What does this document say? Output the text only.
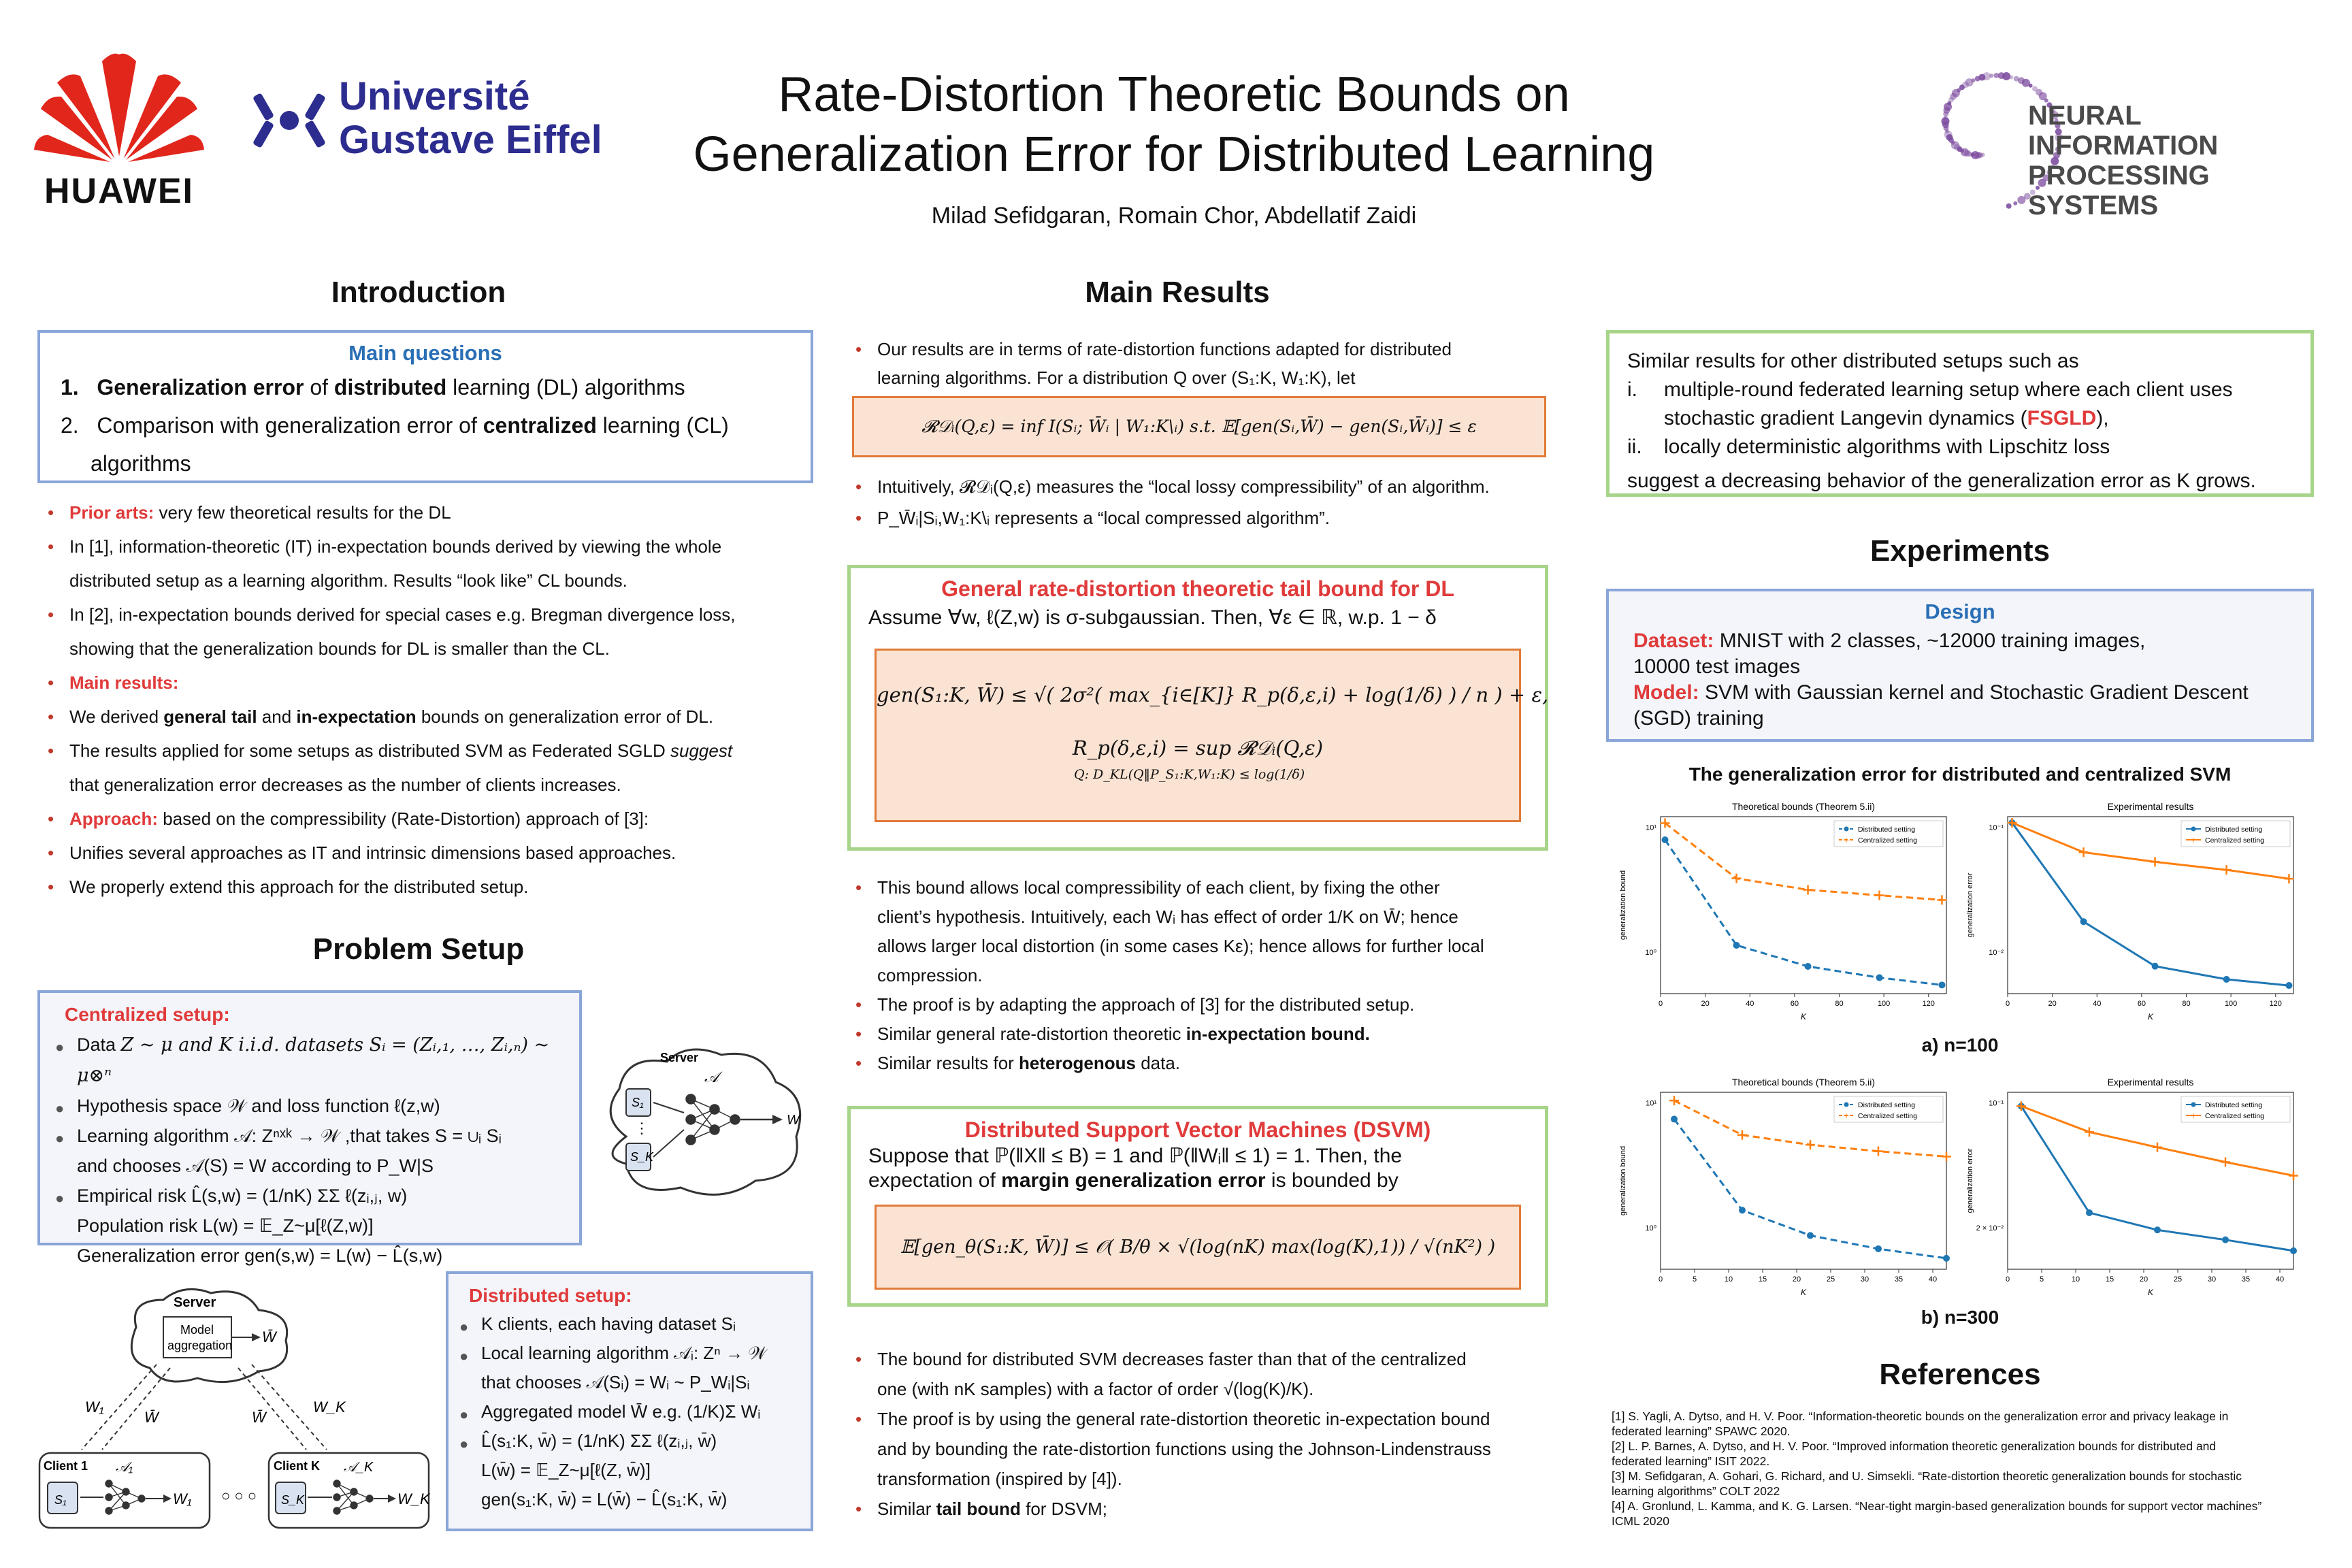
HUAWEI
Université
Gustave Eiffel
Rate-Distortion Theoretic Bounds on
Generalization Error for Distributed Learning
Milad Sefidgaran, Romain Chor, Abdellatif Zaidi
NEURAL INFORMATION
PROCESSING SYSTEMS
Introduction
Main questions
1. Generalization error of distributed learning (DL) algorithms
2. Comparison with generalization error of centralized learning (CL)
algorithms
• Prior arts: very few theoretical results for the DL
• In [1], information-theoretic (IT) in-expectation bounds derived by viewing the whole
distributed setup as a learning algorithm. Results “look like” CL bounds.
• In [2], in-expectation bounds derived for special cases e.g. Bregman divergence loss,
showing that the generalization bounds for DL is smaller than the CL.
• Main results:
• We derived general tail and in-expectation bounds on generalization error of DL.
• The results applied for some setups as distributed SVM as Federated SGLD suggest
that generalization error decreases as the number of clients increases.
• Approach: based on the compressibility (Rate-Distortion) approach of [3]:
• Unifies several approaches as IT and intrinsic dimensions based approaches.
• We properly extend this approach for the distributed setup.
Problem Setup
Centralized setup:
● Data Z ~ μ and K i.i.d. datasets Sᵢ = (Zᵢ,₁, …, Zᵢ,ₙ) ~ μ⊗ⁿ
● Hypothesis space 𝒲 and loss function ℓ(z,w)
● Learning algorithm 𝒜: Zⁿˣᵏ → 𝒲 ,that takes S = ∪ᵢ Sᵢ
and chooses 𝒜(S) = W according to P_W|S
● Empirical risk L̂(s,w) = (1/nK) ΣΣ ℓ(zᵢ,ⱼ, w)
Population risk L(w) = 𝔼_Z~μ[ℓ(Z,w)]
Generalization error gen(s,w) = L(w) − L̂(s,w)
Server
S₁
S_K
𝒜
W
⋮
Server
Model
aggregation W̄
W₁
W̄	W̄
W_K
Client 1
S₁
𝒜₁
W₁ ○ ○ ○
Client K
S_K
𝒜_K
W_K
Distributed setup:
● K clients, each having dataset Sᵢ
● Local learning algorithm 𝒜ᵢ: Zⁿ → 𝒲
that chooses 𝒜(Sᵢ) = Wᵢ ~ P_Wᵢ|Sᵢ
● Aggregated model W̄ e.g. (1/K)Σ Wᵢ
● L̂(s₁:K, w̄) = (1/nK) ΣΣ ℓ(zᵢ,ⱼ, w̄)
L(w̄) = 𝔼_Z~μ[ℓ(Z, w̄)]
gen(s₁:K, w̄) = L(w̄) − L̂(s₁:K, w̄)
Main Results
• Our results are in terms of rate-distortion functions adapted for distributed
learning algorithms. For a distribution Q over (S₁:K, W₁:K), let
𝓡𝒟ᵢ(Q,ε) = inf I(Sᵢ; W̄ᵢ | W₁:K\ᵢ) s.t. 𝔼[gen(Sᵢ,W̄) − gen(Sᵢ,W̄ᵢ)] ≤ ε
• Intuitively, 𝓡𝒟ᵢ(Q,ε) measures the “local lossy compressibility” of an algorithm.
• P_W̄ᵢ|Sᵢ,W₁:K\ᵢ represents a “local compressed algorithm”.
General rate-distortion theoretic tail bound for DL
Assume ∀w, ℓ(Z,w) is σ-subgaussian. Then, ∀ε ∈ ℝ, w.p. 1 − δ
gen(S₁:K, W̄) ≤ √( 2σ²( max_{i∈[K]} R_p(δ,ε,i) + log(1/δ) ) / n ) + ε,
R_p(δ,ε,i) = sup 𝓡𝒟ᵢ(Q,ε)
Q: D_KL(Q‖P_S₁:K,W₁:K) ≤ log(1/δ)
• This bound allows local compressibility of each client, by fixing the other
client’s hypothesis. Intuitively, each Wᵢ has effect of order 1/K on W̄; hence
allows larger local distortion (in some cases Kε); hence allows for further local
compression.
• The proof is by adapting the approach of [3] for the distributed setup.
• Similar general rate-distortion theoretic in-expectation bound.
• Similar results for heterogenous data.
Distributed Support Vector Machines (DSVM)
Suppose that ℙ(‖X‖ ≤ B) = 1 and ℙ(‖Wᵢ‖ ≤ 1) = 1. Then, the
expectation of margin generalization error is bounded by
𝔼[gen_θ(S₁:K, W̄)] ≤ 𝒪( B/θ × √(log(nK) max(log(K),1)) / √(nK²) )
• The bound for distributed SVM decreases faster than that of the centralized
one (with nK samples) with a factor of order √(log(K)/K).
• The proof is by using the general rate-distortion theoretic in-expectation bound
and by bounding the rate-distortion functions using the Johnson-Lindenstrauss
transformation (inspired by [4]).
• Similar tail bound for DSVM;
Similar results for other distributed setups such as
i.	multiple-round federated learning setup where each client uses
stochastic gradient Langevin dynamics (FSGLD),
ii.	locally deterministic algorithms with Lipschitz loss
suggest a decreasing behavior of the generalization error as K grows.
Experiments
Design
Dataset: MNIST with 2 classes, ~12000 training images,
10000 test images
Model: SVM with Gaussian kernel and Stochastic Gradient Descent
(SGD) training
The generalization error for distributed and centralized SVM
Theoretical bounds (Theorem 5.ii)
0	20	40	60	80	100	120
K
generalization bound
10¹
10⁰
Distributed setting
+ Centralized setting
Experimental results
0	20	40	60	80	100	120
K
generalization error
10⁻¹
10⁻²
Distributed setting
+ Centralized setting
a) n=100
Theoretical bounds (Theorem 5.ii)
0	5	10	15	20	25	30	35	40
K
generalization bound
10¹
10⁰
Distributed setting
+ Centralized setting
Experimental results
0	5	10	15	20	25	30	35	40
K
generalization error
10⁻¹
2 × 10⁻²
Distributed setting
+ Centralized setting
b) n=300
References
[1] S. Yagli, A. Dytso, and H. V. Poor. “Information-theoretic bounds on the generalization error and privacy leakage in
federated learning” SPAWC 2020.
[2] L. P. Barnes, A. Dytso, and H. V. Poor. “Improved information theoretic generalization bounds for distributed and
federated learning” ISIT 2022.
[3] M. Sefidgaran, A. Gohari, G. Richard, and U. Simsekli. “Rate-distortion theoretic generalization bounds for stochastic
learning algorithms” COLT 2022
[4] A. Gronlund, L. Kamma, and K. G. Larsen. “Near-tight margin-based generalization bounds for support vector machines”
ICML 2020
